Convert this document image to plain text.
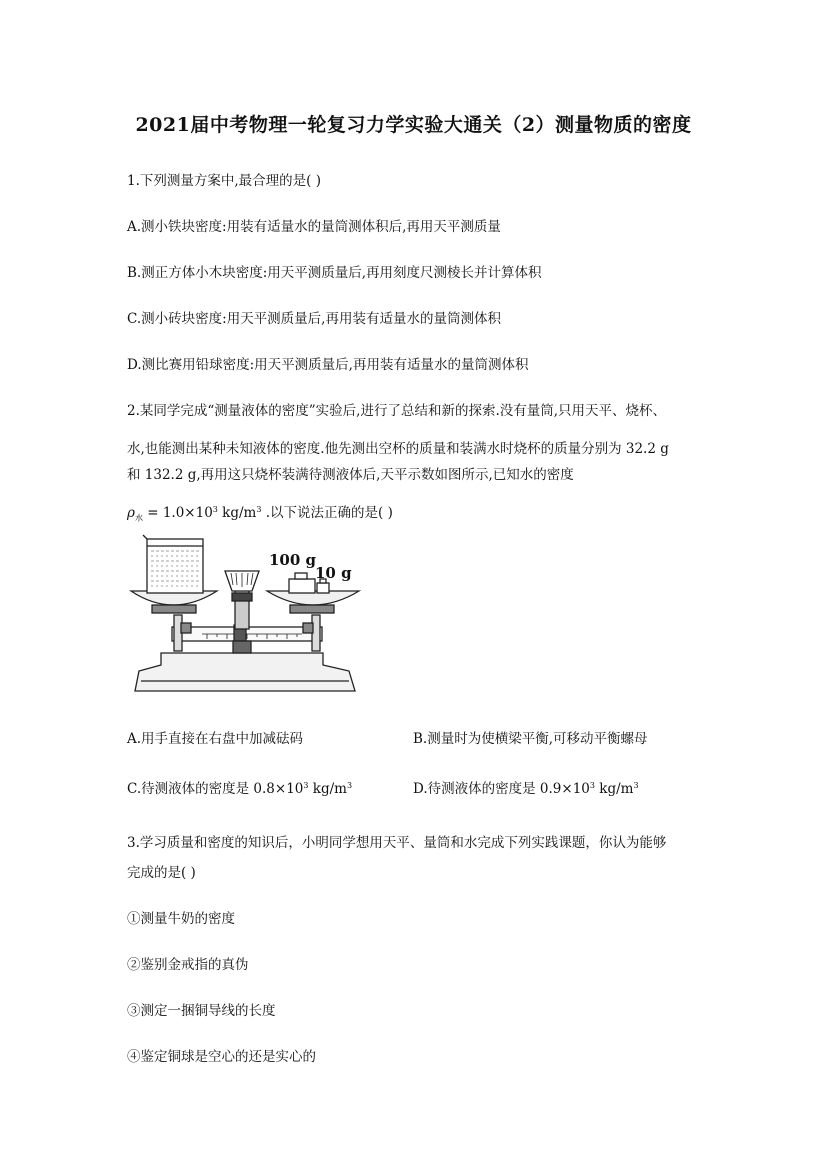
2021届中考物理一轮复习力学实验大通关（2）测量物质的密度
1.下列测量方案中,最合理的是( )
A.测小铁块密度:用装有适量水的量筒测体积后,再用天平测质量
B.测正方体小木块密度:用天平测质量后,再用刻度尺测棱长并计算体积
C.测小砖块密度:用天平测质量后,再用装有适量水的量筒测体积
D.测比赛用铅球密度:用天平测质量后,再用装有适量水的量筒测体积
2.某同学完成“测量液体的密度”实验后,进行了总结和新的探索.没有量筒,只用天平、烧杯、
水,也能测出某种未知液体的密度.他先测出空杯的质量和装满水时烧杯的质量分别为 32.2 g
和 132.2 g,再用这只烧杯装满待测液体后,天平示数如图所示,已知水的密度
$\rho_水 = 1.0\times 10^3$ $kg/m^3$ .以下说法正确的是( )
100 g
10 g
A.用手直接在右盘中加减砝码	B.测量时为使横梁平衡,可移动平衡螺母
C.待测液体的密度是 $0.8\times 10^3$ $kg/m^3$	D.待测液体的密度是 $0.9\times 10^3$ $kg/m^3$
3.学习质量和密度的知识后，小明同学想用天平、量筒和水完成下列实践课题，你认为能够
完成的是( )
①测量牛奶的密度
②鉴别金戒指的真伪
③测定一捆铜导线的长度
④鉴定铜球是空心的还是实心的
